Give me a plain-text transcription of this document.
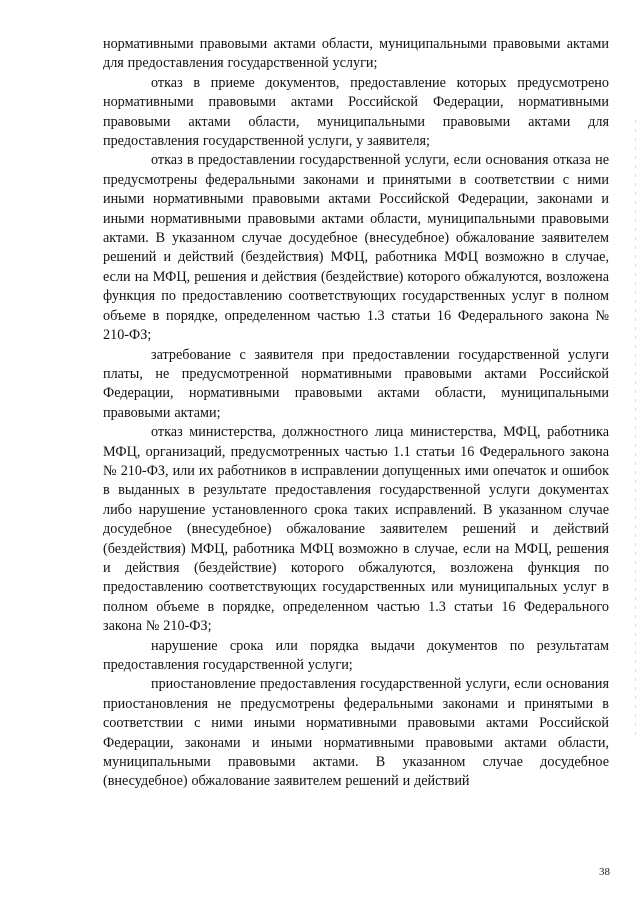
нормативными правовыми актами области, муниципальными правовыми актами для предоставления государственной услуги;

отказ в приеме документов, предоставление которых предусмотрено нормативными правовыми актами Российской Федерации, нормативными правовыми актами области, муниципальными правовыми актами для предоставления государственной услуги, у заявителя;

отказ в предоставлении государственной услуги, если основания отказа не предусмотрены федеральными законами и принятыми в соответствии с ними иными нормативными правовыми актами Российской Федерации, законами и иными нормативными правовыми актами области, муниципальными правовыми актами. В указанном случае досудебное (внесудебное) обжалование заявителем решений и действий (бездействия) МФЦ, работника МФЦ возможно в случае, если на МФЦ, решения и действия (бездействие) которого обжалуются, возложена функция по предоставлению соответствующих государственных услуг в полном объеме в порядке, определенном частью 1.3 статьи 16 Федерального закона № 210-ФЗ;

затребование с заявителя при предоставлении государственной услуги платы, не предусмотренной нормативными правовыми актами Российской Федерации, нормативными правовыми актами области, муниципальными правовыми актами;

отказ министерства, должностного лица министерства, МФЦ, работника МФЦ, организаций, предусмотренных частью 1.1 статьи 16 Федерального закона № 210-ФЗ, или их работников в исправлении допущенных ими опечаток и ошибок в выданных в результате предоставления государственной услуги документах либо нарушение установленного срока таких исправлений. В указанном случае досудебное (внесудебное) обжалование заявителем решений и действий (бездействия) МФЦ, работника МФЦ возможно в случае, если на МФЦ, решения и действия (бездействие) которого обжалуются, возложена функция по предоставлению соответствующих государственных или муниципальных услуг в полном объеме в порядке, определенном частью 1.3 статьи 16 Федерального закона № 210-ФЗ;

нарушение срока или порядка выдачи документов по результатам предоставления государственной услуги;

приостановление предоставления государственной услуги, если основания приостановления не предусмотрены федеральными законами и принятыми в соответствии с ними иными нормативными правовыми актами Российской Федерации, законами и иными нормативными правовыми актами области, муниципальными правовыми актами. В указанном случае досудебное (внесудебное) обжалование заявителем решений и действий

38
